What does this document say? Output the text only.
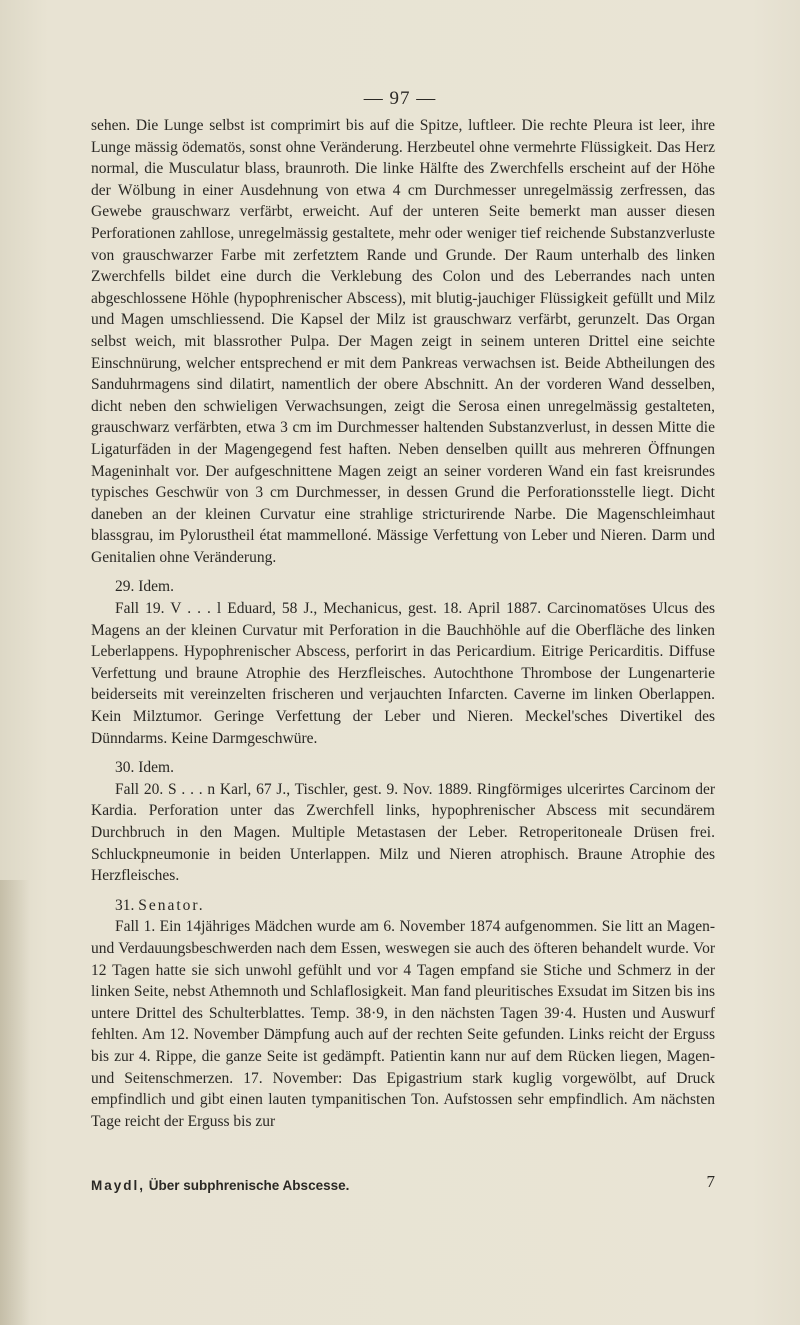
— 97 —

sehen. Die Lunge selbst ist comprimirt bis auf die Spitze, luftleer. Die rechte Pleura ist leer, ihre Lunge mässig ödematös, sonst ohne Veränderung. Herzbeutel ohne vermehrte Flüssigkeit. Das Herz normal, die Musculatur blass, braunroth. Die linke Hälfte des Zwerchfells erscheint auf der Höhe der Wölbung in einer Ausdehnung von etwa 4 cm Durchmesser unregelmässig zerfressen, das Gewebe grauschwarz verfärbt, erweicht. Auf der unteren Seite bemerkt man ausser diesen Perforationen zahllose, unregelmässig gestaltete, mehr oder weniger tief reichende Substanzverluste von grauschwarzer Farbe mit zerfetztem Rande und Grunde. Der Raum unterhalb des linken Zwerchfells bildet eine durch die Verklebung des Colon und des Leberrandes nach unten abgeschlossene Höhle (hypophrenischer Abscess), mit blutig-jauchiger Flüssigkeit gefüllt und Milz und Magen umschliessend. Die Kapsel der Milz ist grauschwarz verfärbt, gerunzelt. Das Organ selbst weich, mit blassrother Pulpa. Der Magen zeigt in seinem unteren Drittel eine seichte Einschnürung, welcher entsprechend er mit dem Pankreas verwachsen ist. Beide Abtheilungen des Sanduhrmagens sind dilatirt, namentlich der obere Abschnitt. An der vorderen Wand desselben, dicht neben den schwieligen Verwachsungen, zeigt die Serosa einen unregelmässig gestalteten, grauschwarz verfärbten, etwa 3 cm im Durchmesser haltenden Substanzverlust, in dessen Mitte die Ligaturfäden in der Magengegend fest haften. Neben denselben quillt aus mehreren Öffnungen Mageninhalt vor. Der aufgeschnittene Magen zeigt an seiner vorderen Wand ein fast kreisrundes typisches Geschwür von 3 cm Durchmesser, in dessen Grund die Perforationsstelle liegt. Dicht daneben an der kleinen Curvatur eine strahlige stricturirende Narbe. Die Magenschleimhaut blassgrau, im Pylorustheil état mammelloné. Mässige Verfettung von Leber und Nieren. Darm und Genitalien ohne Veränderung.

29. Idem.

Fall 19. V . . . l Eduard, 58 J., Mechanicus, gest. 18. April 1887. Carcinomatöses Ulcus des Magens an der kleinen Curvatur mit Perforation in die Bauchhöhle auf die Oberfläche des linken Leberlappens. Hypophrenischer Abscess, perforirt in das Pericardium. Eitrige Pericarditis. Diffuse Verfettung und braune Atrophie des Herzfleisches. Autochthone Thrombose der Lungenarterie beiderseits mit vereinzelten frischeren und verjauchten Infarcten. Caverne im linken Oberlappen. Kein Milztumor. Geringe Verfettung der Leber und Nieren. Meckel'sches Divertikel des Dünndarms. Keine Darmgeschwüre.

30. Idem.

Fall 20. S . . . n Karl, 67 J., Tischler, gest. 9. Nov. 1889. Ringförmiges ulcerirtes Carcinom der Kardia. Perforation unter das Zwerchfell links, hypophrenischer Abscess mit secundärem Durchbruch in den Magen. Multiple Metastasen der Leber. Retroperitoneale Drüsen frei. Schluckpneumonie in beiden Unterlappen. Milz und Nieren atrophisch. Braune Atrophie des Herzfleisches.

31. Senator.

Fall 1. Ein 14jähriges Mädchen wurde am 6. November 1874 aufgenommen. Sie litt an Magen- und Verdauungsbeschwerden nach dem Essen, weswegen sie auch des öfteren behandelt wurde. Vor 12 Tagen hatte sie sich unwohl gefühlt und vor 4 Tagen empfand sie Stiche und Schmerz in der linken Seite, nebst Athemnoth und Schlaflosigkeit. Man fand pleuritisches Exsudat im Sitzen bis ins untere Drittel des Schulterblattes. Temp. 38·9, in den nächsten Tagen 39·4. Husten und Auswurf fehlten. Am 12. November Dämpfung auch auf der rechten Seite gefunden. Links reicht der Erguss bis zur 4. Rippe, die ganze Seite ist gedämpft. Patientin kann nur auf dem Rücken liegen, Magen- und Seitenschmerzen. 17. November: Das Epigastrium stark kuglig vorgewölbt, auf Druck empfindlich und gibt einen lauten tympanitischen Ton. Aufstossen sehr empfindlich. Am nächsten Tage reicht der Erguss bis zur

Maydl, Über subphrenische Abscesse.	7
